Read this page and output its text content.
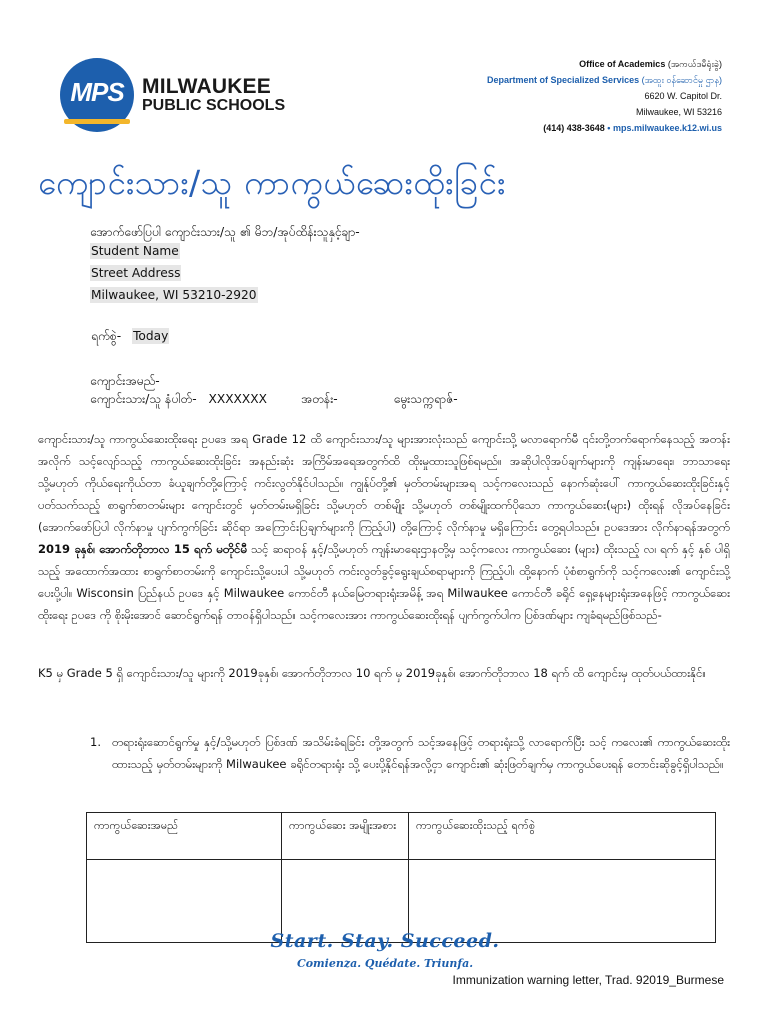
MPS MILWAUKEE
PUBLIC SCHOOLS
Office of Academics (အကယ်ဒမီရုံးခွဲ)
Department of Specialized Services (အထူး ဝန်ဆောင်မှု ဌာန)
6620 W. Capitol Dr.
Milwaukee, WI 53216
(414) 438-3648 • mps.milwaukee.k12.wi.us
ကျောင်းသား/သူ ကာကွယ်ဆေးထိုးခြင်း
အောက်ဖော်ပြပါ ကျောင်းသား/သူ ၏ မိဘ/အုပ်ထိန်းသူနှင့်ချာ-
Student Name
Street Address
Milwaukee, WI 53210-2920
ရက်စွဲ- Today
ကျောင်းအမည်-
ကျောင်းသား/သူ နံပါတ်- XXXXXXX	အတန်း-	မွေးသက္ကရာဇ်-
ကျောင်းသား/သူ ကာကွယ်ဆေးထိုးရေး ဥပဒေ အရ Grade 12 ထိ ကျောင်းသား/သူ များအားလုံးသည် ကျောင်းသို့ မလာရောက်မီ ၎င်းတို့တက်ရောက်နေသည့် အတန်းအလိုက် သင့်လျော်သည့် ကာကွယ်ဆေးထိုးခြင်း အနည်းဆုံး အကြိမ်အရေအတွက်ထိ ထိုးမှုထားသူဖြစ်ရမည်။ အဆိုပါလိုအပ်ချက်များကို ကျန်းမာရေး၊ ဘာသာရေး သို့မဟုတ် ကိုယ်ရေးကိုယ်တာ ခံယူချက်တို့ကြောင့် ကင်းလွတ်နိုင်ပါသည်။ ကျွန်ုပ်တို့၏ မှတ်တမ်းများအရ သင့်ကလေးသည် နောက်ဆုံးပေါ် ကာကွယ်ဆေးထိုးခြင်းနှင့်ပတ်သက်သည့် စာရွက်စာတမ်းများ ကျောင်းတွင် မှတ်တမ်းမရှိခြင်း သို့မဟုတ် တစ်မျိုး သို့မဟုတ် တစ်မျိုးထက်ပိုသော ကာကွယ်ဆေး(များ) ထိုးရန် လိုအပ်နေခြင်း (အောက်ဖော်ပြပါ လိုက်နာမှု ပျက်ကွက်ခြင်း ဆိုင်ရာ အကြောင်းပြချက်များကို ကြည့်ပါ) တို့ကြောင့် လိုက်နာမှု မရှိကြောင်း တွေ့ရပါသည်။ ဥပဒေအား လိုက်နာရန်အတွက် 2019 ခုနှစ်၊ အောက်တိုဘာလ 15 ရက် မတိုင်မီ သင့် ဆရာဝန် နှင့်/သို့မဟုတ် ကျန်းမာရေးဌာနတို့မှ သင့်ကလေး ကာကွယ်ဆေး (များ) ထိုးသည့် လ၊ ရက် နှင့် နှစ် ပါရှိသည့် အထောက်အထား စာရွက်စာတမ်းကို ကျောင်းသို့ပေးပါ သို့မဟုတ် ကင်းလွတ်ခွင့်ရွေးချယ်စရာများကို ကြည့်ပါ၊ ထို့နောက် ပုံစံစာရွက်ကို သင့်ကလေး၏ ကျောင်းသို့ ပေးပို့ပါ။ Wisconsin ပြည်နယ် ဥပဒေ နှင့် Milwaukee ကောင်တီ နယ်မြေတရားရုံးအမိန့် အရ Milwaukee ကောင်တီ ခရိုင် ရှေ့နေများရုံးအနေဖြင့် ကာကွယ်ဆေးထိုးရေး ဥပဒေ ကို စိုးမိုးအောင် ဆောင်ရွက်ရန် တာဝန်ရှိပါသည်။ သင့်ကလေးအား ကာကွယ်ဆေးထိုးရန် ပျက်ကွက်ပါက ပြစ်ဒဏ်များ ကျခံရမည်ဖြစ်သည်-
K5 မှ Grade 5 ရှိ ကျောင်းသား/သူ များကို 2019ခုနှစ်၊ အောက်တိုဘာလ 10 ရက် မှ 2019ခုနှစ်၊ အောက်တိုဘာလ 18 ရက် ထိ ကျောင်းမှ ထုတ်ပယ်ထားနိုင်။
1. တရားရုံးဆောင်ရွက်မှု နှင့်/သို့မဟုတ် ပြစ်ဒဏ် အသိမ်းခံရခြင်း တို့အတွက် သင့်အနေဖြင့် တရားရုံးသို့ လာရောက်ပြီး သင့် ကလေး၏ ကာကွယ်ဆေးထိုးထားသည့် မှတ်တမ်းများကို Milwaukee ခရိုင်တရားရုံး သို့ ပေးပို့နိုင်ရန်အလို့ငှာ ကျောင်း၏ ဆုံးဖြတ်ချက်မှ ကာကွယ်ပေးရန် တောင်းဆိုခွင့်ရှိပါသည်။
ကာကွယ်ဆေးအမည်	ကာကွယ်ဆေး အမျိုးအစား	ကာကွယ်ဆေးထိုးသည့် ရက်စွဲ

Start. Stay. Succeed.
Comienza. Quédate. Triunfa.
Immunization warning letter, Trad. 92019_Burmese
